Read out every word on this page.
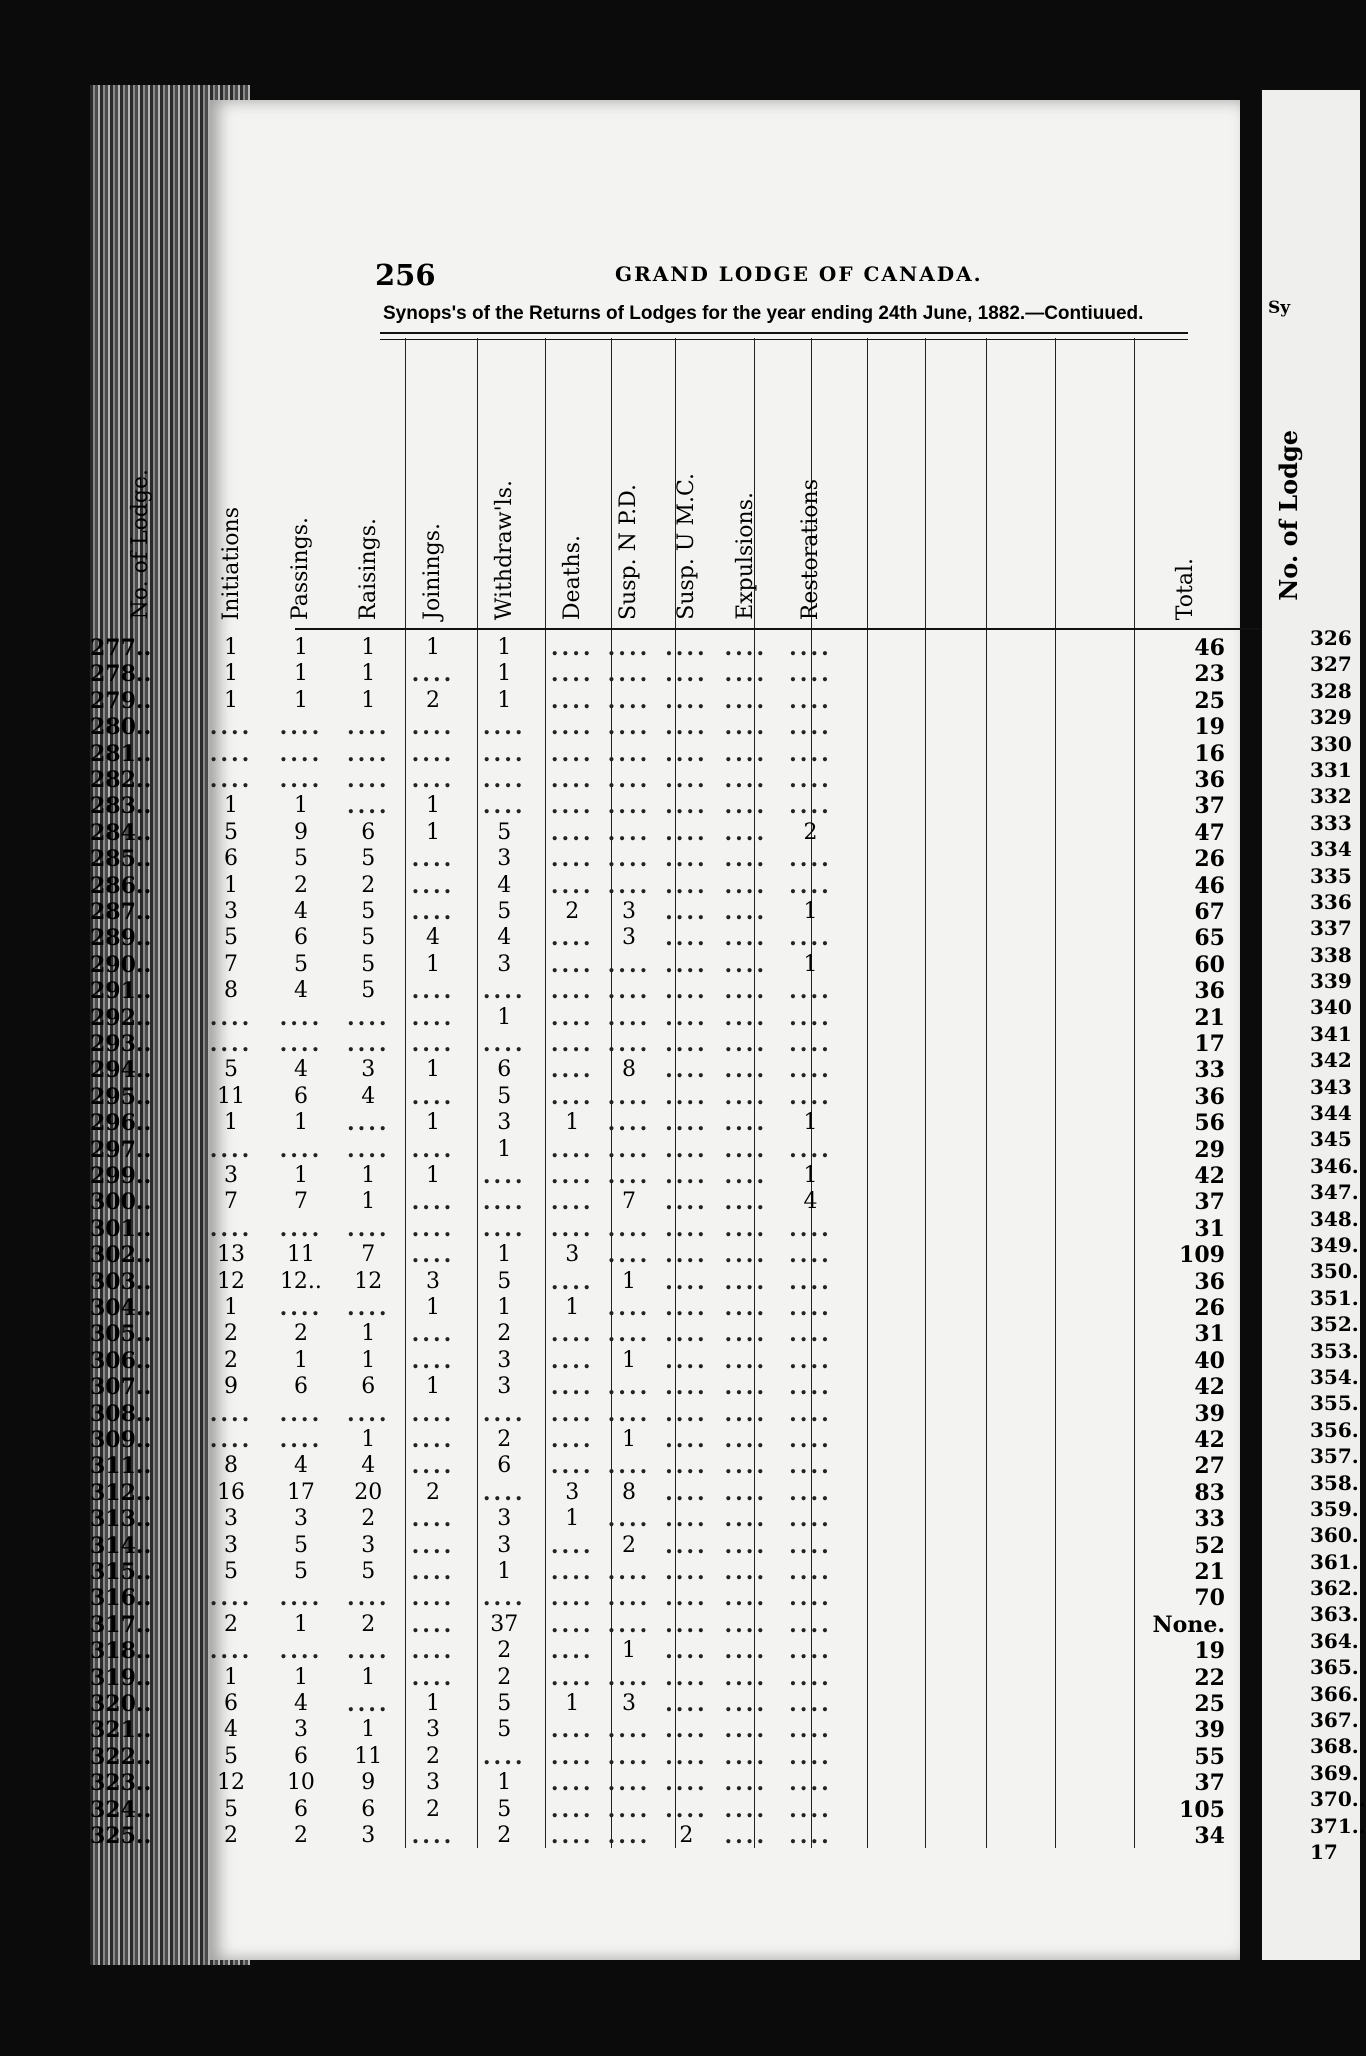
256	GRAND LODGE OF CANADA.
Synops's of the Returns of Lodges for the year ending 24th June, 1882.—Contiuued.
No. of Lodge.	Initiations Passings. Raisings. Joinings. Withdraw'ls. Deaths. Susp. N P.D. Susp. U M.C. Expulsions. Restorations	Total.
277..	1	1	1	1	1	.... .... .... ....	....	46
278..	1	1	1	....	1	.... .... .... ....	....	23
279..	1	1	1	2	1	.... .... .... ....	....	25
280..	....	....	....	....	....	.... .... .... ....	....	19
281..	....	....	....	....	....	.... .... .... ....	....	16
282..	....	....	....	....	....	.... .... .... ....	....	36
283..	1	1	....	1	....	.... .... .... ....	....	37
284..	5	9	6	1	5	.... .... .... ....	2	47
285..	6	5	5	....	3	.... .... .... ....	....	26
286..	1	2	2	....	4	.... .... .... ....	....	46
287..	3	4	5	....	5	2	3	.... ....	1	67
289..	5	6	5	4	4	....	3	.... ....	....	65
290..	7	5	5	1	3	.... .... .... ....	1	60
291..	8	4	5	....	....	.... .... .... ....	....	36
292..	....	....	....	....	1	.... .... .... ....	....	21
293..	....	....	....	....	....	.... .... .... ....	....	17
294..	5	4	3	1	6	....	8	.... ....	....	33
295..	11	6	4	....	5	.... .... .... ....	....	36
296..	1	1	....	1	3	1	.... .... ....	1	56
297..	....	....	....	....	1	.... .... .... ....	....	29
299..	3	1	1	1	....	.... .... .... ....	1	42
300..	7	7	1	....	....	....	7	.... ....	4	37
301..	....	....	....	....	....	.... .... .... ....	....	31
302..	13	11	7	....	1	3	.... .... ....	....	109
303..	12	12..	12	3	5	....	1	.... ....	....	36
304..	1	....	....	1	1	1	.... .... ....	....	26
305..	2	2	1	....	2	.... .... .... ....	....	31
306..	2	1	1	....	3	....	1	.... ....	....	40
307..	9	6	6	1	3	.... .... .... ....	....	42
308..	....	....	....	....	....	.... .... .... ....	....	39
309..	....	....	1	....	2	....	1	.... ....	....	42
311..	8	4	4	....	6	.... .... .... ....	....	27
312..	16	17	20	2	....	3	8	.... ....	....	83
313..	3	3	2	....	3	1	.... .... ....	....	33
314..	3	5	3	....	3	....	2	.... ....	....	52
315..	5	5	5	....	1	.... .... .... ....	....	21
316..	....	....	....	....	....	.... .... .... ....	....	70
317..	2	1	2	....	37	.... .... .... ....	....	None.
318..	....	....	....	....	2	....	1	.... ....	....	19
319..	1	1	1	....	2	.... .... .... ....	....	22
320..	6	4	....	1	5	1	3	.... ....	....	25
321..	4	3	1	3	5	.... .... .... ....	....	39
322..	5	6	11	2	....	.... .... .... ....	....	55
323..	12	10	9	3	1	.... .... .... ....	....	37
324..	5	6	6	2	5	.... .... .... ....	....	105
325..	2	2	3	....	2	.... ....	2	....	....	34
Sy
No. of Lodge
326
327
328
329
330
331
332
333
334
335
336
337
338
339
340
341
342
343
344
345
346.
347.
348.
349.
350.
351.
352.
353.
354.
355.
356.
357.
358.
359.
360.
361.
362.
363.
364.
365.
366.
367.
368.
369.
370..
371..
17
